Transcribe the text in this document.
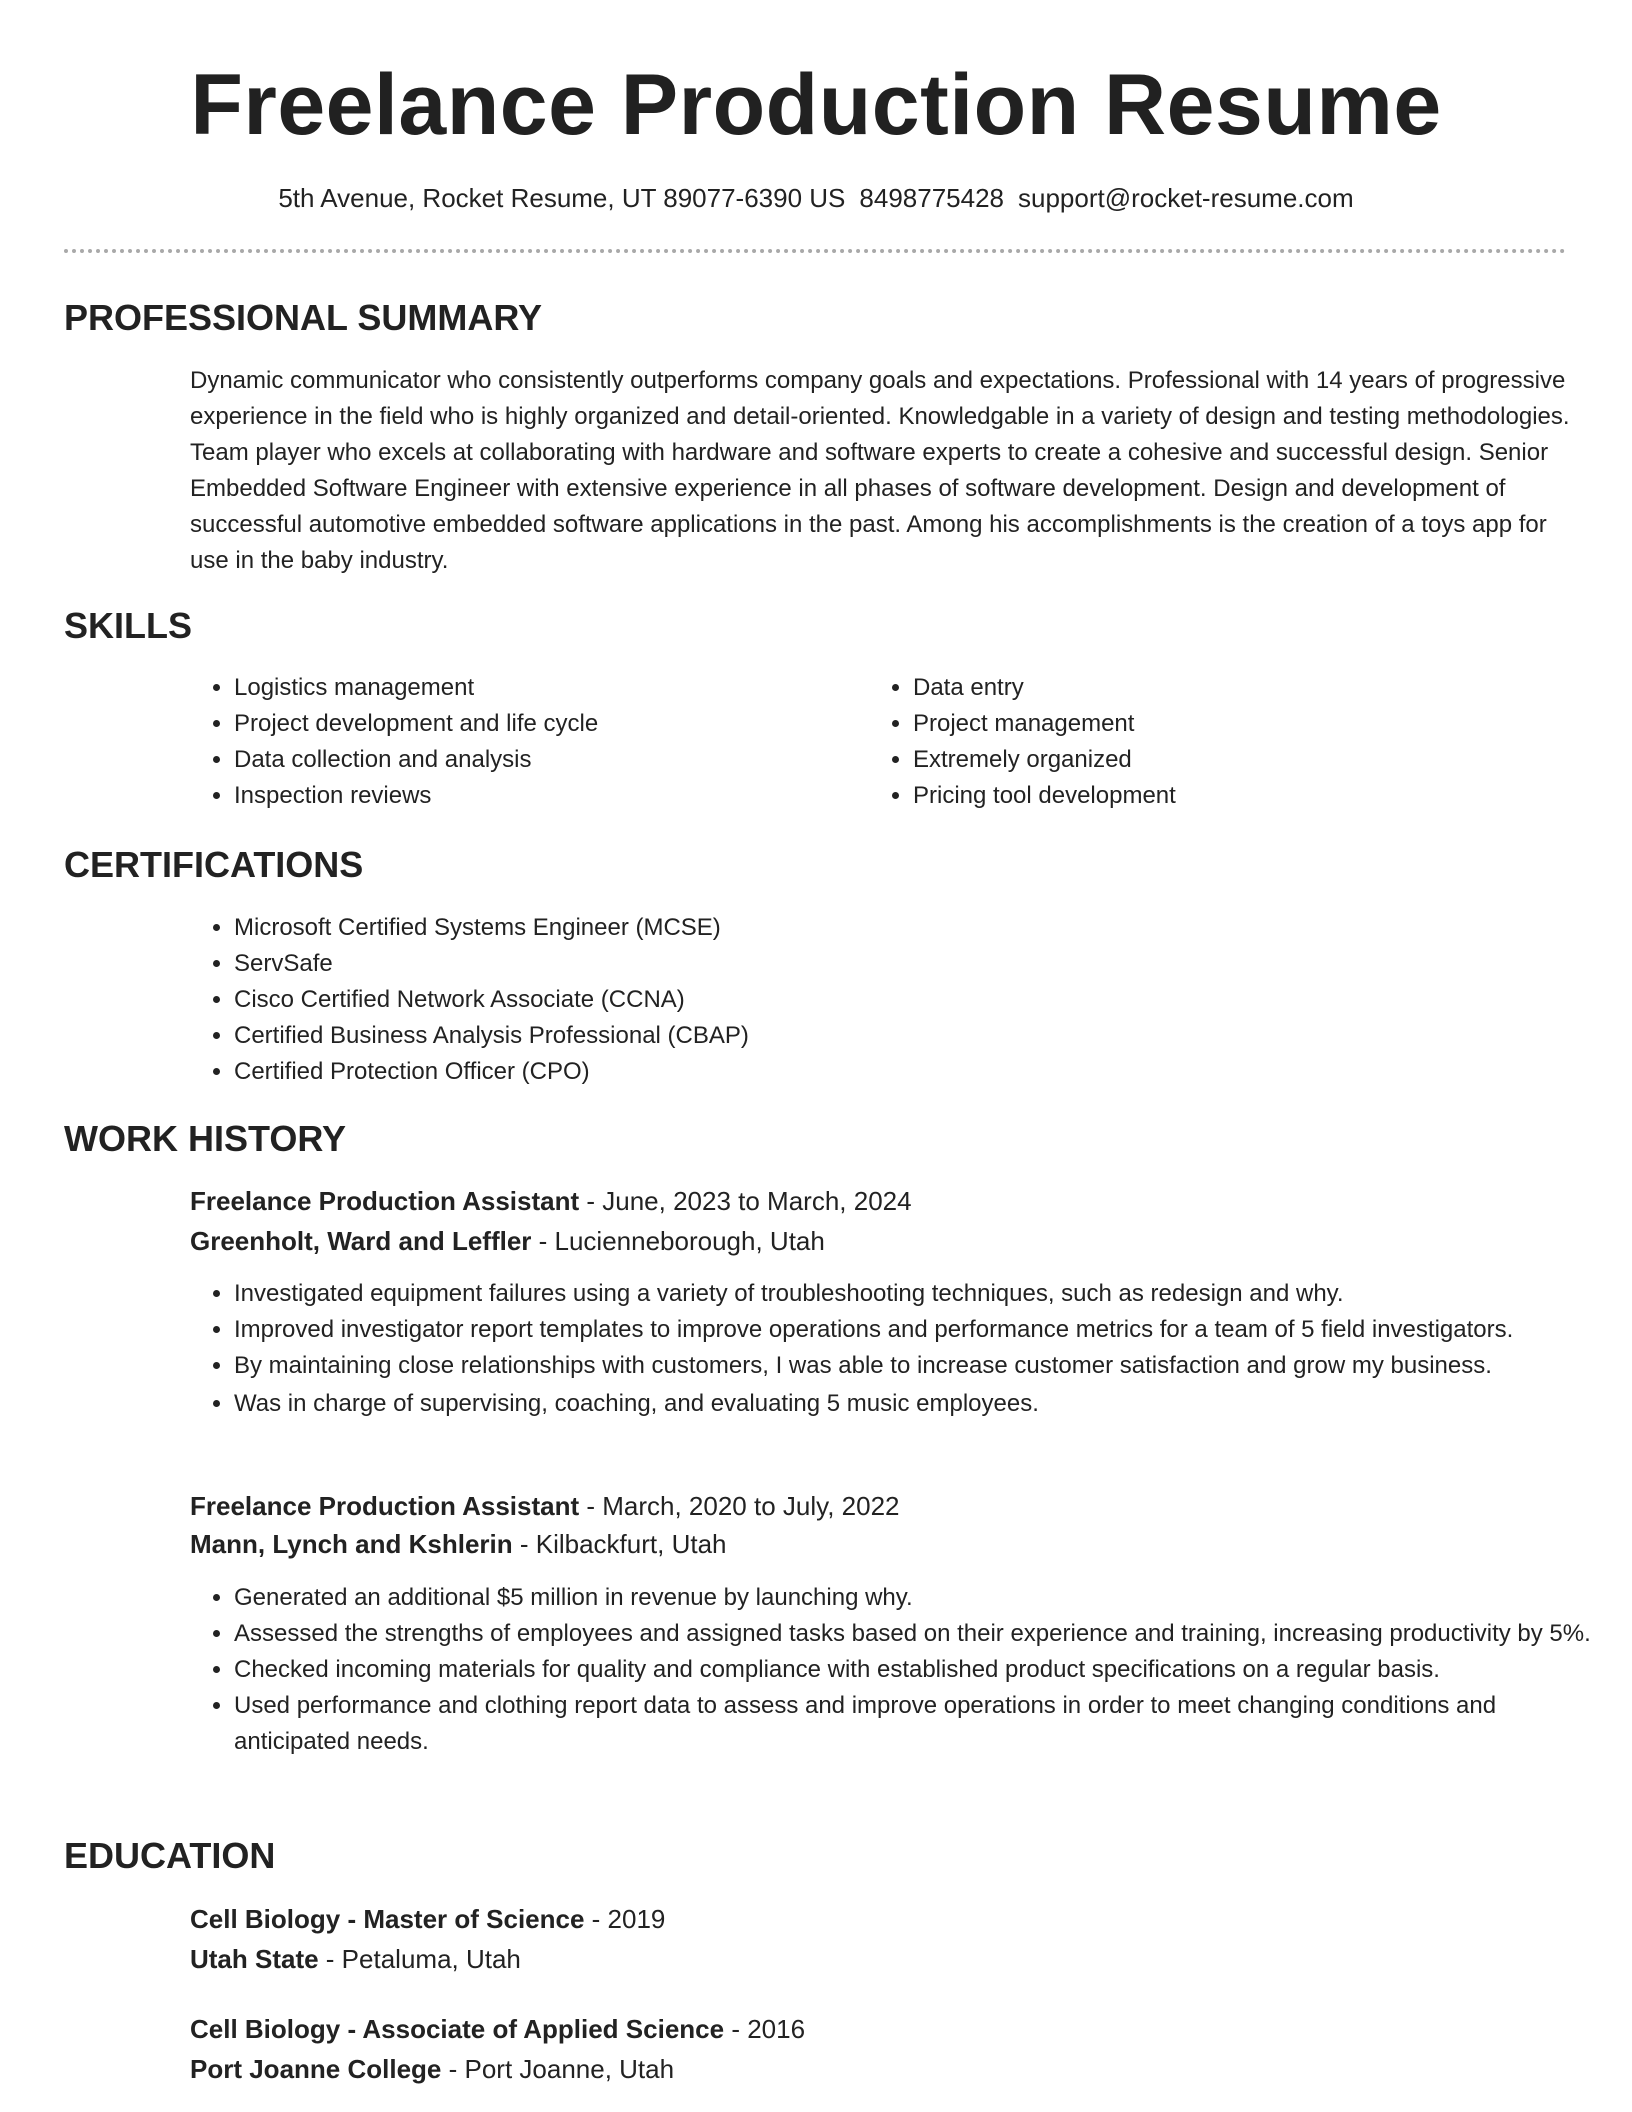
Freelance Production Resume
5th Avenue, Rocket Resume, UT 89077-6390 US 8498775428 support@rocket-resume.com
PROFESSIONAL SUMMARY
Dynamic communicator who consistently outperforms company goals and expectations. Professional with 14 years of progressive experience in the field who is highly organized and detail-oriented. Knowledgable in a variety of design and testing methodologies. Team player who excels at collaborating with hardware and software experts to create a cohesive and successful design. Senior Embedded Software Engineer with extensive experience in all phases of software development. Design and development of successful automotive embedded software applications in the past. Among his accomplishments is the creation of a toys app for use in the baby industry.
SKILLS
• Logistics management
• Project development and life cycle
• Data collection and analysis
• Inspection reviews
• Data entry
• Project management
• Extremely organized
• Pricing tool development
CERTIFICATIONS
• Microsoft Certified Systems Engineer (MCSE)
• ServSafe
• Cisco Certified Network Associate (CCNA)
• Certified Business Analysis Professional (CBAP)
• Certified Protection Officer (CPO)
WORK HISTORY
Freelance Production Assistant - June, 2023 to March, 2024
Greenholt, Ward and Leffler - Lucienneborough, Utah
• Investigated equipment failures using a variety of troubleshooting techniques, such as redesign and why.
• Improved investigator report templates to improve operations and performance metrics for a team of 5 field investigators.
• By maintaining close relationships with customers, I was able to increase customer satisfaction and grow my business.
• Was in charge of supervising, coaching, and evaluating 5 music employees.
Freelance Production Assistant - March, 2020 to July, 2022
Mann, Lynch and Kshlerin - Kilbackfurt, Utah
• Generated an additional $5 million in revenue by launching why.
• Assessed the strengths of employees and assigned tasks based on their experience and training, increasing productivity by 5%.
• Checked incoming materials for quality and compliance with established product specifications on a regular basis.
• Used performance and clothing report data to assess and improve operations in order to meet changing conditions and anticipated needs.
EDUCATION
Cell Biology - Master of Science - 2019
Utah State - Petaluma, Utah
Cell Biology - Associate of Applied Science - 2016
Port Joanne College - Port Joanne, Utah
